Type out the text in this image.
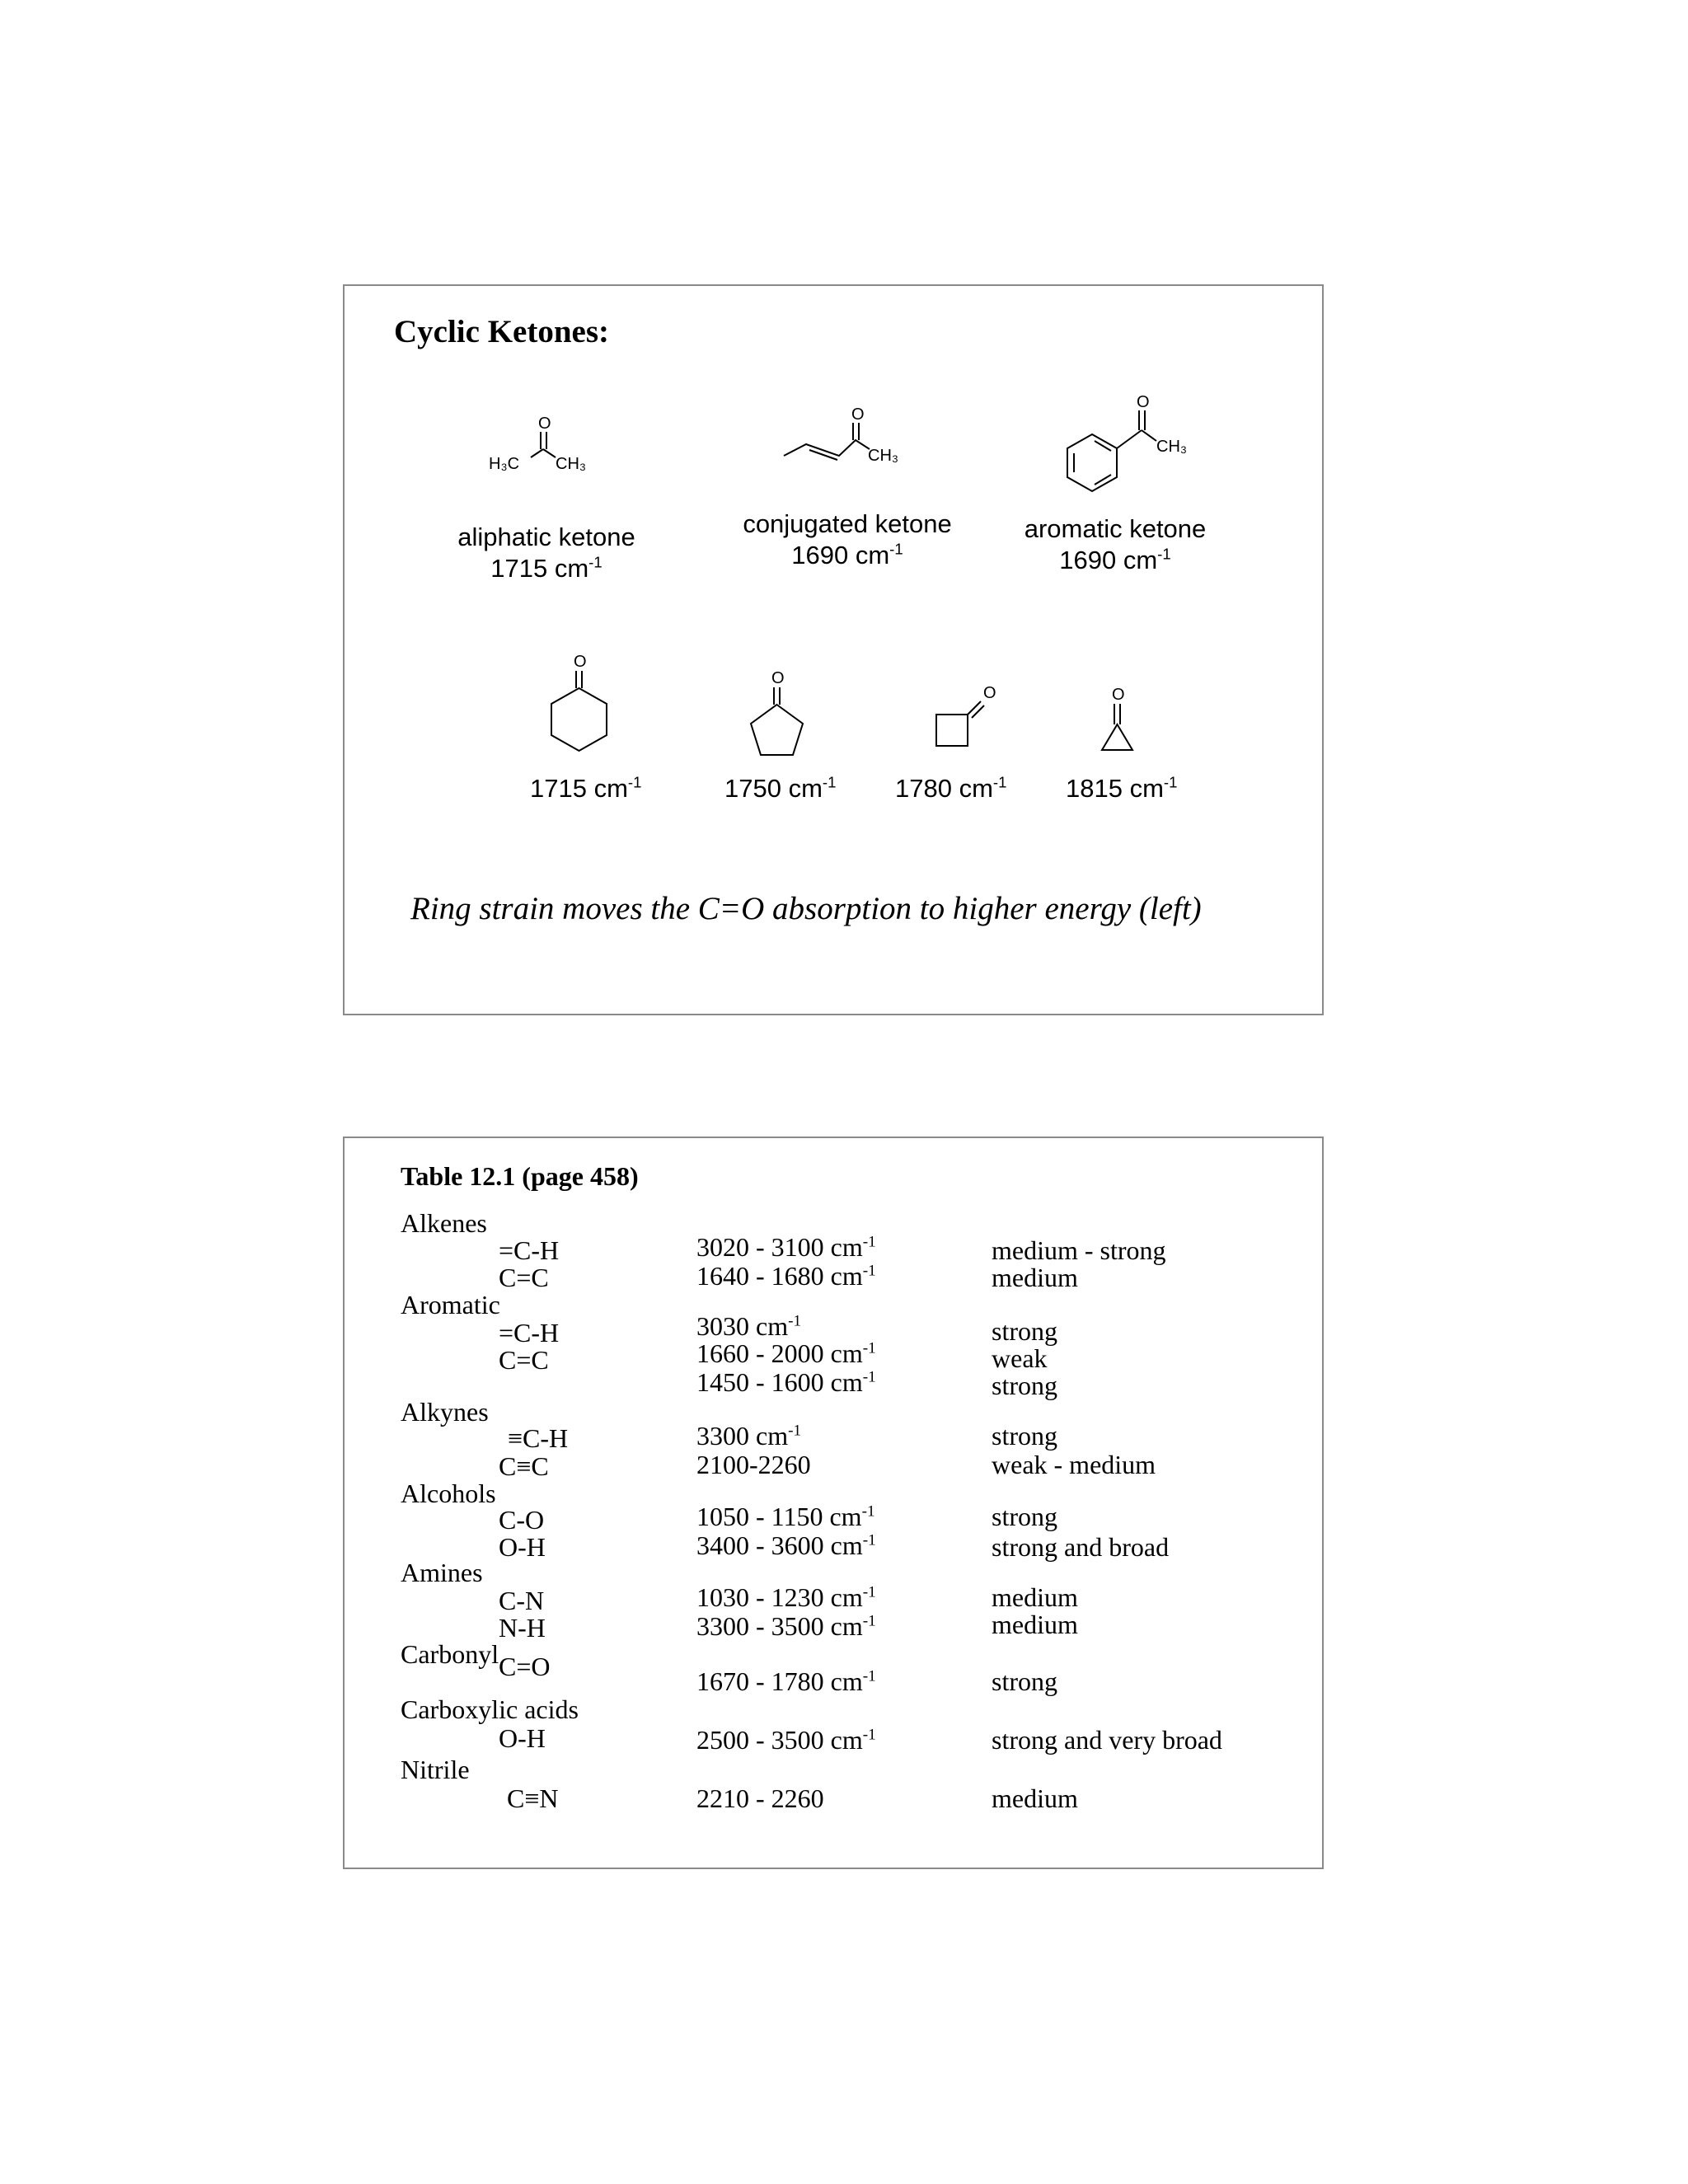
Cyclic Ketones:
O
H₃C CH₃
aliphatic ketone
1715 $cm^{-1}$
O
CH₃
conjugated ketone
1690 $cm^{-1}$
O
CH₃
aromatic ketone
1690 $cm^{-1}$
O
O
O	O
1715 $cm^{-1}$	1750 $cm^{-1}$ 1780 $cm^{-1}$ 1815 $cm^{-1}$
Ring strain moves the C=O absorption to higher energy (left)
Table 12.1 (page 458)
Alkenes
Aromatic
Alkynes
Alcohols
Amines
Carbonyl
Carboxylic acids
Nitrile
=C-H
C=C
=C-H
C=C
≡C-H
C≡C
C-O
O-H
C-N
N-H
C=O
O-H
C≡N
3020 - 3100 $cm^{-1}$
1640 - 1680 $cm^{-1}$
3030 $cm^{-1}$
1660 - 2000 $cm^{-1}$
1450 - 1600 $cm^{-1}$
3300 $cm^{-1}$
2100-2260
1050 - 1150 $cm^{-1}$
3400 - 3600 $cm^{-1}$
1030 - 1230 $cm^{-1}$
3300 - 3500 $cm^{-1}$
1670 - 1780 $cm^{-1}$
2500 - 3500 $cm^{-1}$
2210 - 2260
medium - strong
medium
strong
weak
strong
strong
weak - medium
strong
strong and broad
medium
medium
strong
strong and very broad
medium
